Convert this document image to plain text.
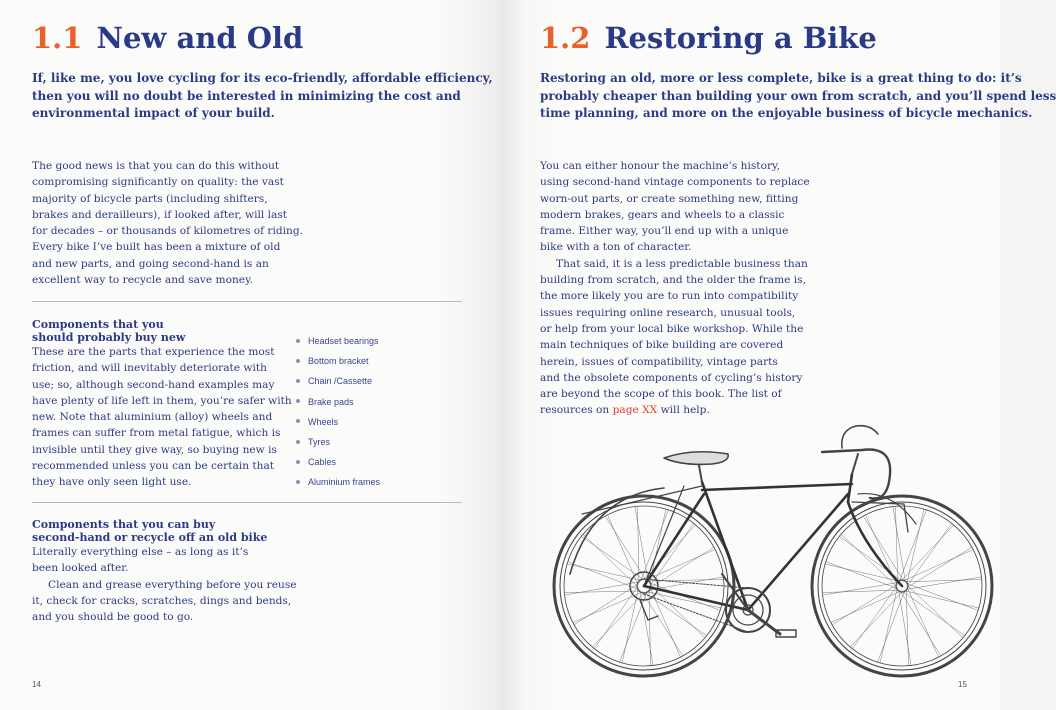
1.1 New and Old

If, like me, you love cycling for its eco-friendly, affordable efficiency,
then you will no doubt be interested in minimizing the cost and
environmental impact of your build.

The good news is that you can do this without
compromising significantly on quality: the vast
majority of bicycle parts (including shifters,
brakes and derailleurs), if looked after, will last
for decades – or thousands of kilometres of riding.
Every bike I’ve built has been a mixture of old
and new parts, and going second-hand is an
excellent way to recycle and save money.

Components that you
should probably buy new

These are the parts that experience the most
friction, and will inevitably deteriorate with
use; so, although second-hand examples may
have plenty of life left in them, you’re safer with
new. Note that aluminium (alloy) wheels and
frames can suffer from metal fatigue, which is
invisible until they give way, so buying new is
recommended unless you can be certain that
they have only seen light use.

Headset bearings
Bottom bracket
Chain /Cassette
Brake pads
Wheels
Tyres
Cables
Aluminium frames
Components that you can buy
second-hand or recycle off an old bike

Literally everything else – as long as it’s
been looked after.
Clean and grease everything before you reuse
it, check for cracks, scratches, dings and bends,
and you should be good to go.

14
1.2 Restoring a Bike

Restoring an old, more or less complete, bike is a great thing to do: it’s
probably cheaper than building your own from scratch, and you’ll spend less
time planning, and more on the enjoyable business of bicycle mechanics.

You can either honour the machine’s history,
using second-hand vintage components to replace
worn-out parts, or create something new, fitting
modern brakes, gears and wheels to a classic
frame. Either way, you’ll end up with a unique
bike with a ton of character.
That said, it is a less predictable business than
building from scratch, and the older the frame is,
the more likely you are to run into compatibility
issues requiring online research, unusual tools,
or help from your local bike workshop. While the
main techniques of bike building are covered
herein, issues of compatibility, vintage parts
and the obsolete components of cycling’s history
are beyond the scope of this book. The list of
resources on page XX will help.

15
